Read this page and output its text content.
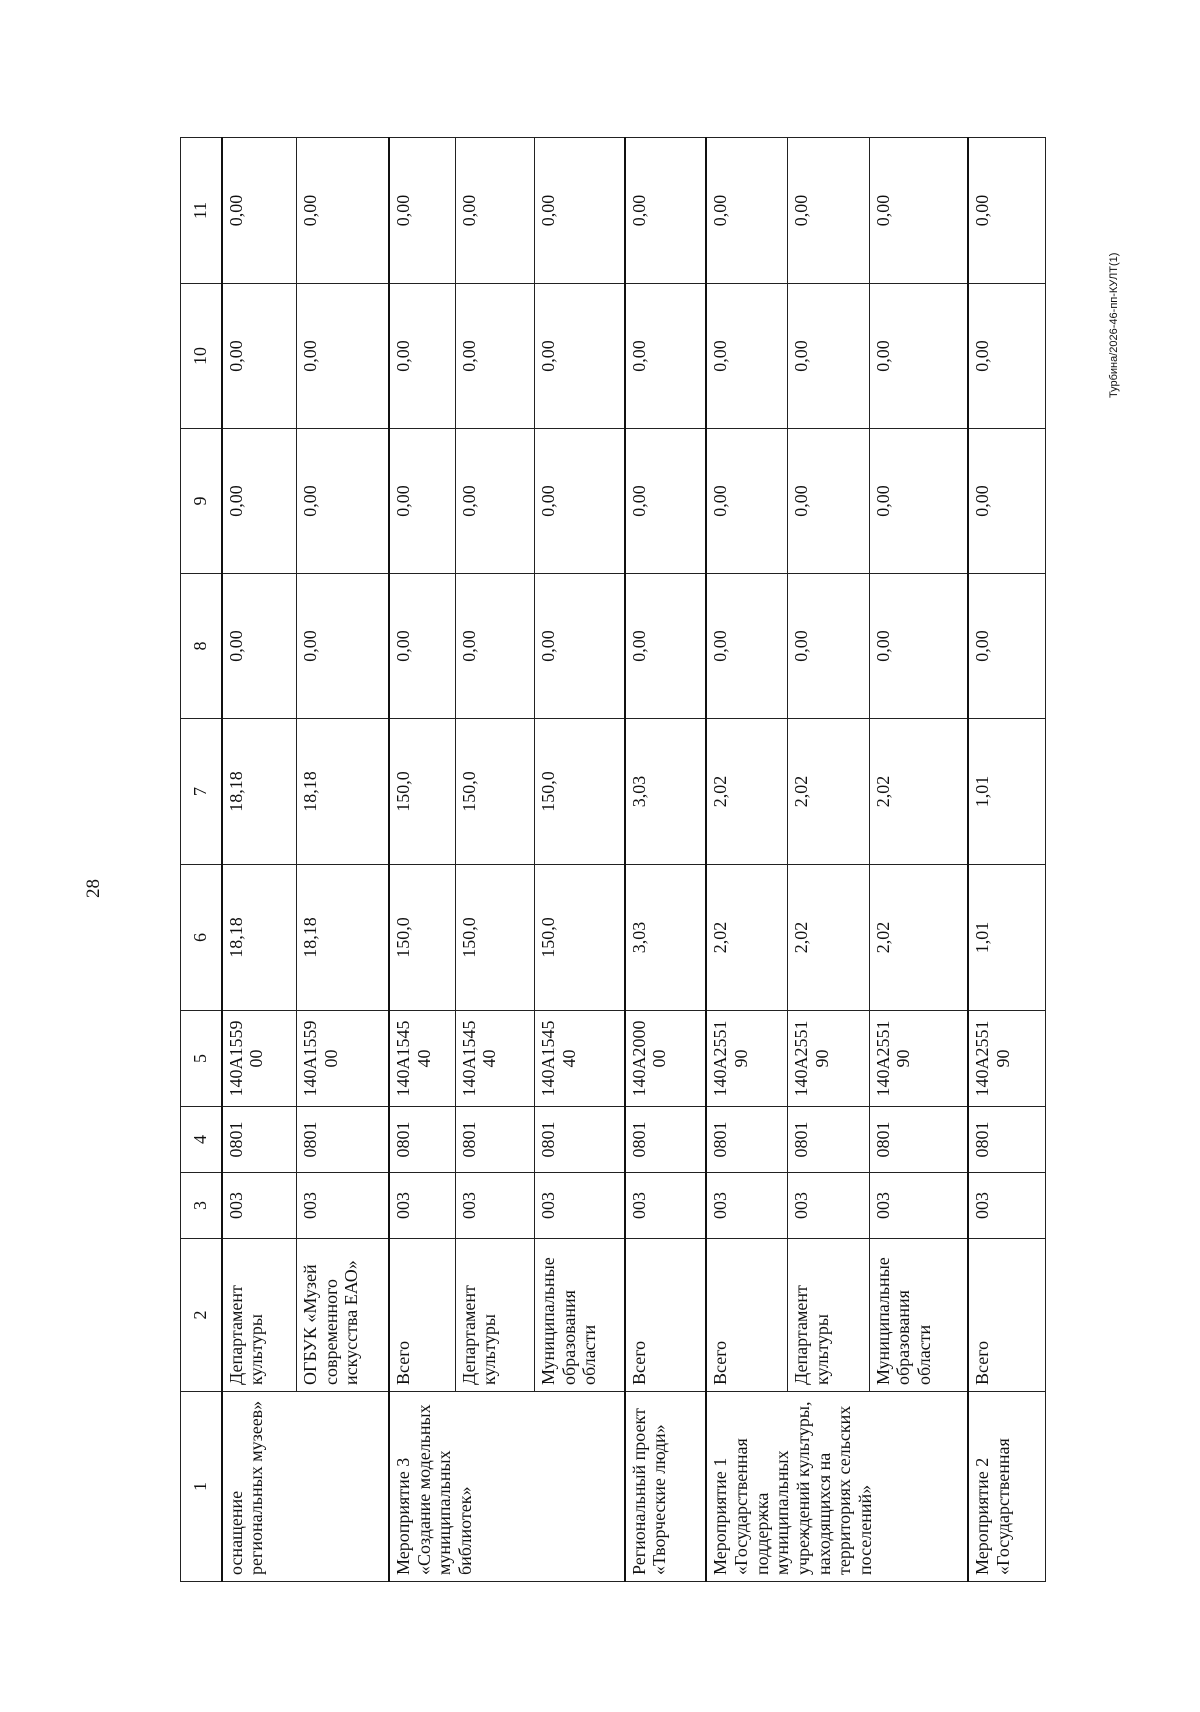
28
Турбина/2026-46-пп-КУЛТ(1)
1	2	3	4	5	6	7	8	9	10	11
оснащение региональных музеев»	Департамент культуры	003	0801	140А1559 00	18,18	18,18	0,00	0,00	0,00	0,00
	ОГБУК «Музей современного искусства ЕАО»	003	0801	140А1559 00	18,18	18,18	0,00	0,00	0,00	0,00
Мероприятие 3 «Создание модельных муниципальных библиотек»	Всего	003	0801	140А1545 40	150,0	150,0	0,00	0,00	0,00	0,00
	Департамент культуры	003	0801	140А1545 40	150,0	150,0	0,00	0,00	0,00	0,00
	Муниципальные образования области	003	0801	140А1545 40	150,0	150,0	0,00	0,00	0,00	0,00
Региональный проект «Творческие люди»	Всего	003	0801	140А2000 00	3,03	3,03	0,00	0,00	0,00	0,00
Мероприятие 1 «Государственная поддержка муниципальных учреждений культуры, находящихся на территориях сельских поселений»	Всего	003	0801	140А2551 90	2,02	2,02	0,00	0,00	0,00	0,00
	Департамент культуры	003	0801	140А2551 90	2,02	2,02	0,00	0,00	0,00	0,00
	Муниципальные образования области	003	0801	140А2551 90	2,02	2,02	0,00	0,00	0,00	0,00
Мероприятие 2 «Государственная	Всего	003	0801	140А2551 90	1,01	1,01	0,00	0,00	0,00	0,00
